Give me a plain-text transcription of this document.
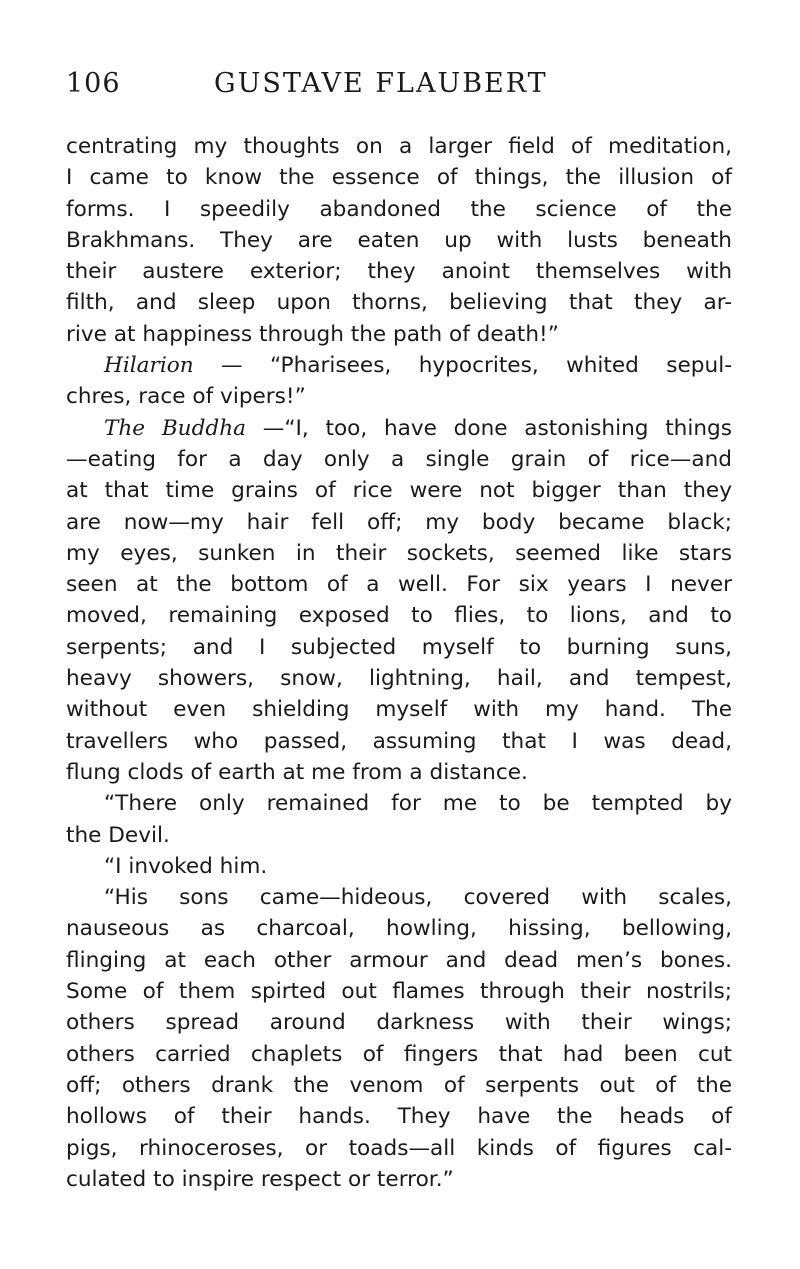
106	GUSTAVE FLAUBERT
centrating my thoughts on a larger field of meditation,
I came to know the essence of things, the illusion of
forms. I speedily abandoned the science of the
Brakhmans. They are eaten up with lusts beneath
their austere exterior; they anoint themselves with
filth, and sleep upon thorns, believing that they ar-
rive at happiness through the path of death!”
Hilarion — “Pharisees, hypocrites, whited sepul-
chres, race of vipers!”
The Buddha —“I, too, have done astonishing things
—eating for a day only a single grain of rice—and
at that time grains of rice were not bigger than they
are now—my hair fell off; my body became black;
my eyes, sunken in their sockets, seemed like stars
seen at the bottom of a well. For six years I never
moved, remaining exposed to flies, to lions, and to
serpents; and I subjected myself to burning suns,
heavy showers, snow, lightning, hail, and tempest,
without even shielding myself with my hand. The
travellers who passed, assuming that I was dead,
flung clods of earth at me from a distance.
“There only remained for me to be tempted by
the Devil.
“I invoked him.
“His sons came—hideous, covered with scales,
nauseous as charcoal, howling, hissing, bellowing,
flinging at each other armour and dead men’s bones.
Some of them spirted out flames through their nostrils;
others spread around darkness with their wings;
others carried chaplets of fingers that had been cut
off; others drank the venom of serpents out of the
hollows of their hands. They have the heads of
pigs, rhinoceroses, or toads—all kinds of figures cal-
culated to inspire respect or terror.”
